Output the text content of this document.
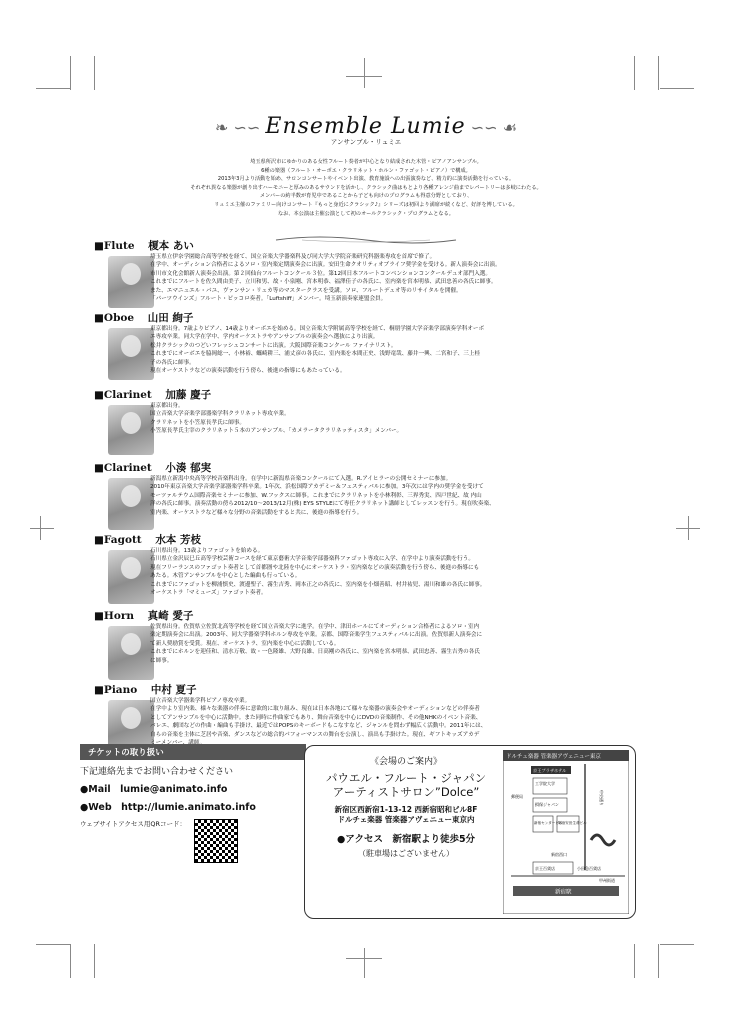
❧ ∽∽ Ensemble Lumie ∽∽ ☙
アンサンブル・リュミエ
埼玉県所沢市にゆかりのある女性フルート奏者が中心となり結成された木管・ピアノアンサンブル。
6種の楽器（フルート・オーボエ・クラリネット・ホルン・ファゴット・ピアノ）で構成。
2013年3月より活動を始め、サロンコンサートやイベント出演、教育施設への出張演奏など、精力的に演奏活動を行っている。
それぞれ異なる楽器が創り出すハーモニーと厚みのあるサウンドを活かし、クラシック曲はもとより各種アレンジ曲までレパートリーは多岐にわたる。
メンバーの約半数が育児中であることから子ども向けのプログラムも得意分野としており、
リュミエ主催のファミリー向けコンサート『もっと身近にクラシック♪』シリーズは初回より満席が続くなど、好評を博している。
なお、本公演は主催公演として初のオールクラシック・プログラムとなる。
■Flute 榎本 あい
埼玉県立伊奈学園総合高等学校を経て、国立音楽大学器楽科及び同大学大学院音楽研究科器楽専攻を首席で修了。
在学中、オーディション合格者によるソロ・室内楽定期演奏会に出演。安田生命クオリティオブライフ奨学金を受ける。新人演奏会に出演。
市川市文化会館新人演奏会出演。第２回仙台フルートコンクール３位。第12回日本フルートコンベンションコンクールデュオ部門入選。
これまでにフルートを佐久間由美子、立川和男、故・小泉剛、宮本明恭、福澤佳子の各氏に、室内楽を宮本明恭、武田忠善の各氏に師事。
また、エマニュエル・パユ、ヴァンサン・リュカ等のマスタークラスを受講。ソロ、フルートデュオ等のリサイタルを開催。
「パーツウインズ」フルート・ピッコロ奏者。「Luftshiff」メンバー。埼玉新演奏家連盟会員。
■Oboe 山田 絢子
東京都出身。7歳よりピアノ、14歳よりオーボエを始める。国立音楽大学附属高等学校を経て、桐朋学園大学音楽学部演奏学科オーボ
エ専攻卒業。同大学在学中、学内オーケストラやアンサンブルの演奏会へ選抜により出演。
松井クラシックのつどいフレッシュコンサートに出演。大阪国際音楽コンクール ファイナリスト。
これまでにオーボエを脇岡総一、小林裕、蠣崎耕三、浦丈彦の各氏に、室内楽を本間正史、浅野竜哉、藤井一興、二宮和子、三上桂
子の各氏に師事。
現在オーケストラなどの演奏活動を行う傍ら、後進の指導にもあたっている。
■Clarinet 加藤 慶子
東京都出身。
国立音楽大学音楽学部器楽学科クラリネット専攻卒業。
クラリネットを小笠原長孝氏に師事。
小笠原長孝氏主宰のクラリネット５本のアンサンブル、「カメラータクラリネッティスタ」メンバー。
■Clarinet 小湊 郁実
新潟県立新潟中央高等学校音楽科出身。在学中に新潟県音楽コンクールにて入選。R.アイヒラーの公開セミナーに参加。
2010年東京音楽大学音楽学部器楽学科卒業。1年次、浜松国際アカデミー＆フェスティバルに参加。3年次には学内の奨学金を受けて
モーツァルテウム国際音楽セミナーに参加、W.フックスに師事。これまでにクラリネットを小林利彰、三界秀実、四戸世紀、故 内山
洋の各氏に師事。演奏活動の傍ら2012/10〜2013/12月(株) EYS STYLEにて専任クラリネット講師としてレッスンを行う。現在吹奏楽、
室内楽、オーケストラなど様々な分野の音楽活動をすると共に、後進の指導を行う。
■Fagott 水本 芳枝
石川県出身。13歳よりファゴットを始める。
石川県立金沢辰巳丘高等学校芸術コースを経て東京藝術大学音楽学部器楽科ファゴット専攻に入学、在学中より演奏活動を行う。
現在フリーランスのファゴット奏者として首都圏や北陸を中心にオーケストラ・室内楽などの演奏活動を行う傍ら、後進の指導にも
あたる。木管アンサンブルを中心とした編曲も行っている。
これまでにファゴットを柳浦慎史、渡邊聖子、霧生吉秀、岡本正之の各氏に、室内楽を小畑善昭、村井祐児、湯川和雄の各氏に師事。
オーケストラ「マミューズ」ファゴット奏者。
■Horn 真崎 愛子
佐賀県出身。佐賀県立佐賀北高等学校を経て国立音楽大学に進学。在学中、津田ホールにてオーディション合格者によるソロ・室内
楽定期演奏会に出演。2003年、同大学器楽学科ホルン専攻を卒業。京都、国際音楽学生フェスティバルに出演。佐賀県新人演奏会に
て新人奨励賞を受賞。現在、オーケストラ、室内楽を中心に活動している。
これまでにホルンを迎佳和、清水万敬、故・一色隆雄、大野良雄、日高剛の各氏に、室内楽を宮本明恭、武田忠善、霧生吉秀の各氏
に師事。
■Piano 中村 夏子
国立音楽大学器楽学科ピアノ専攻卒業。
在学中より室内楽、様々な楽器の伴奏に意欲的に取り組み、現在は日本各地にて様々な楽器の演奏会やオーディションなどの伴奏者
としてアンサンブルを中心に活動中。また同時に作曲家でもあり、舞台音楽を中心にDVDの音楽制作、その他NHKのイベント音楽、
バレエ、劇団などの作曲・編曲も手掛け、最近ではPOPSのキーボードもこなすなど、ジャンルを問わず幅広く活動中。2011年には、
自らの音楽を主体に芝居や音楽、ダンスなどの総合的パフォーマンスの舞台を公演し、演出も手掛けた。現在、ギフトキッズアカデ
チケットの取り扱い
下記連絡先までお問い合わせください
●Mail　lumie@animato.info
●Web　http://lumie.animato.info
ウェブサイトアクセス用QRコード：
《会場のご案内》
パウエル・フルート・ジャパン
アーティストサロン”Dolce”
新宿区西新宿1-13-12 西新宿昭和ビル8F
ドルチェ楽器 管楽器アヴェニュー東京内
●アクセス　新宿駅より徒歩5分
（駐車場はございません）
ドルチェ楽器 管楽器アヴェニュー東京
京王プラザホテル
工学院大学
郵便局
損保ジャパン
新宿センタービル
明治安田生命ビル
中央通り
京王百貨店	小田急百貨店
新宿西口
甲州街道
新宿駅
